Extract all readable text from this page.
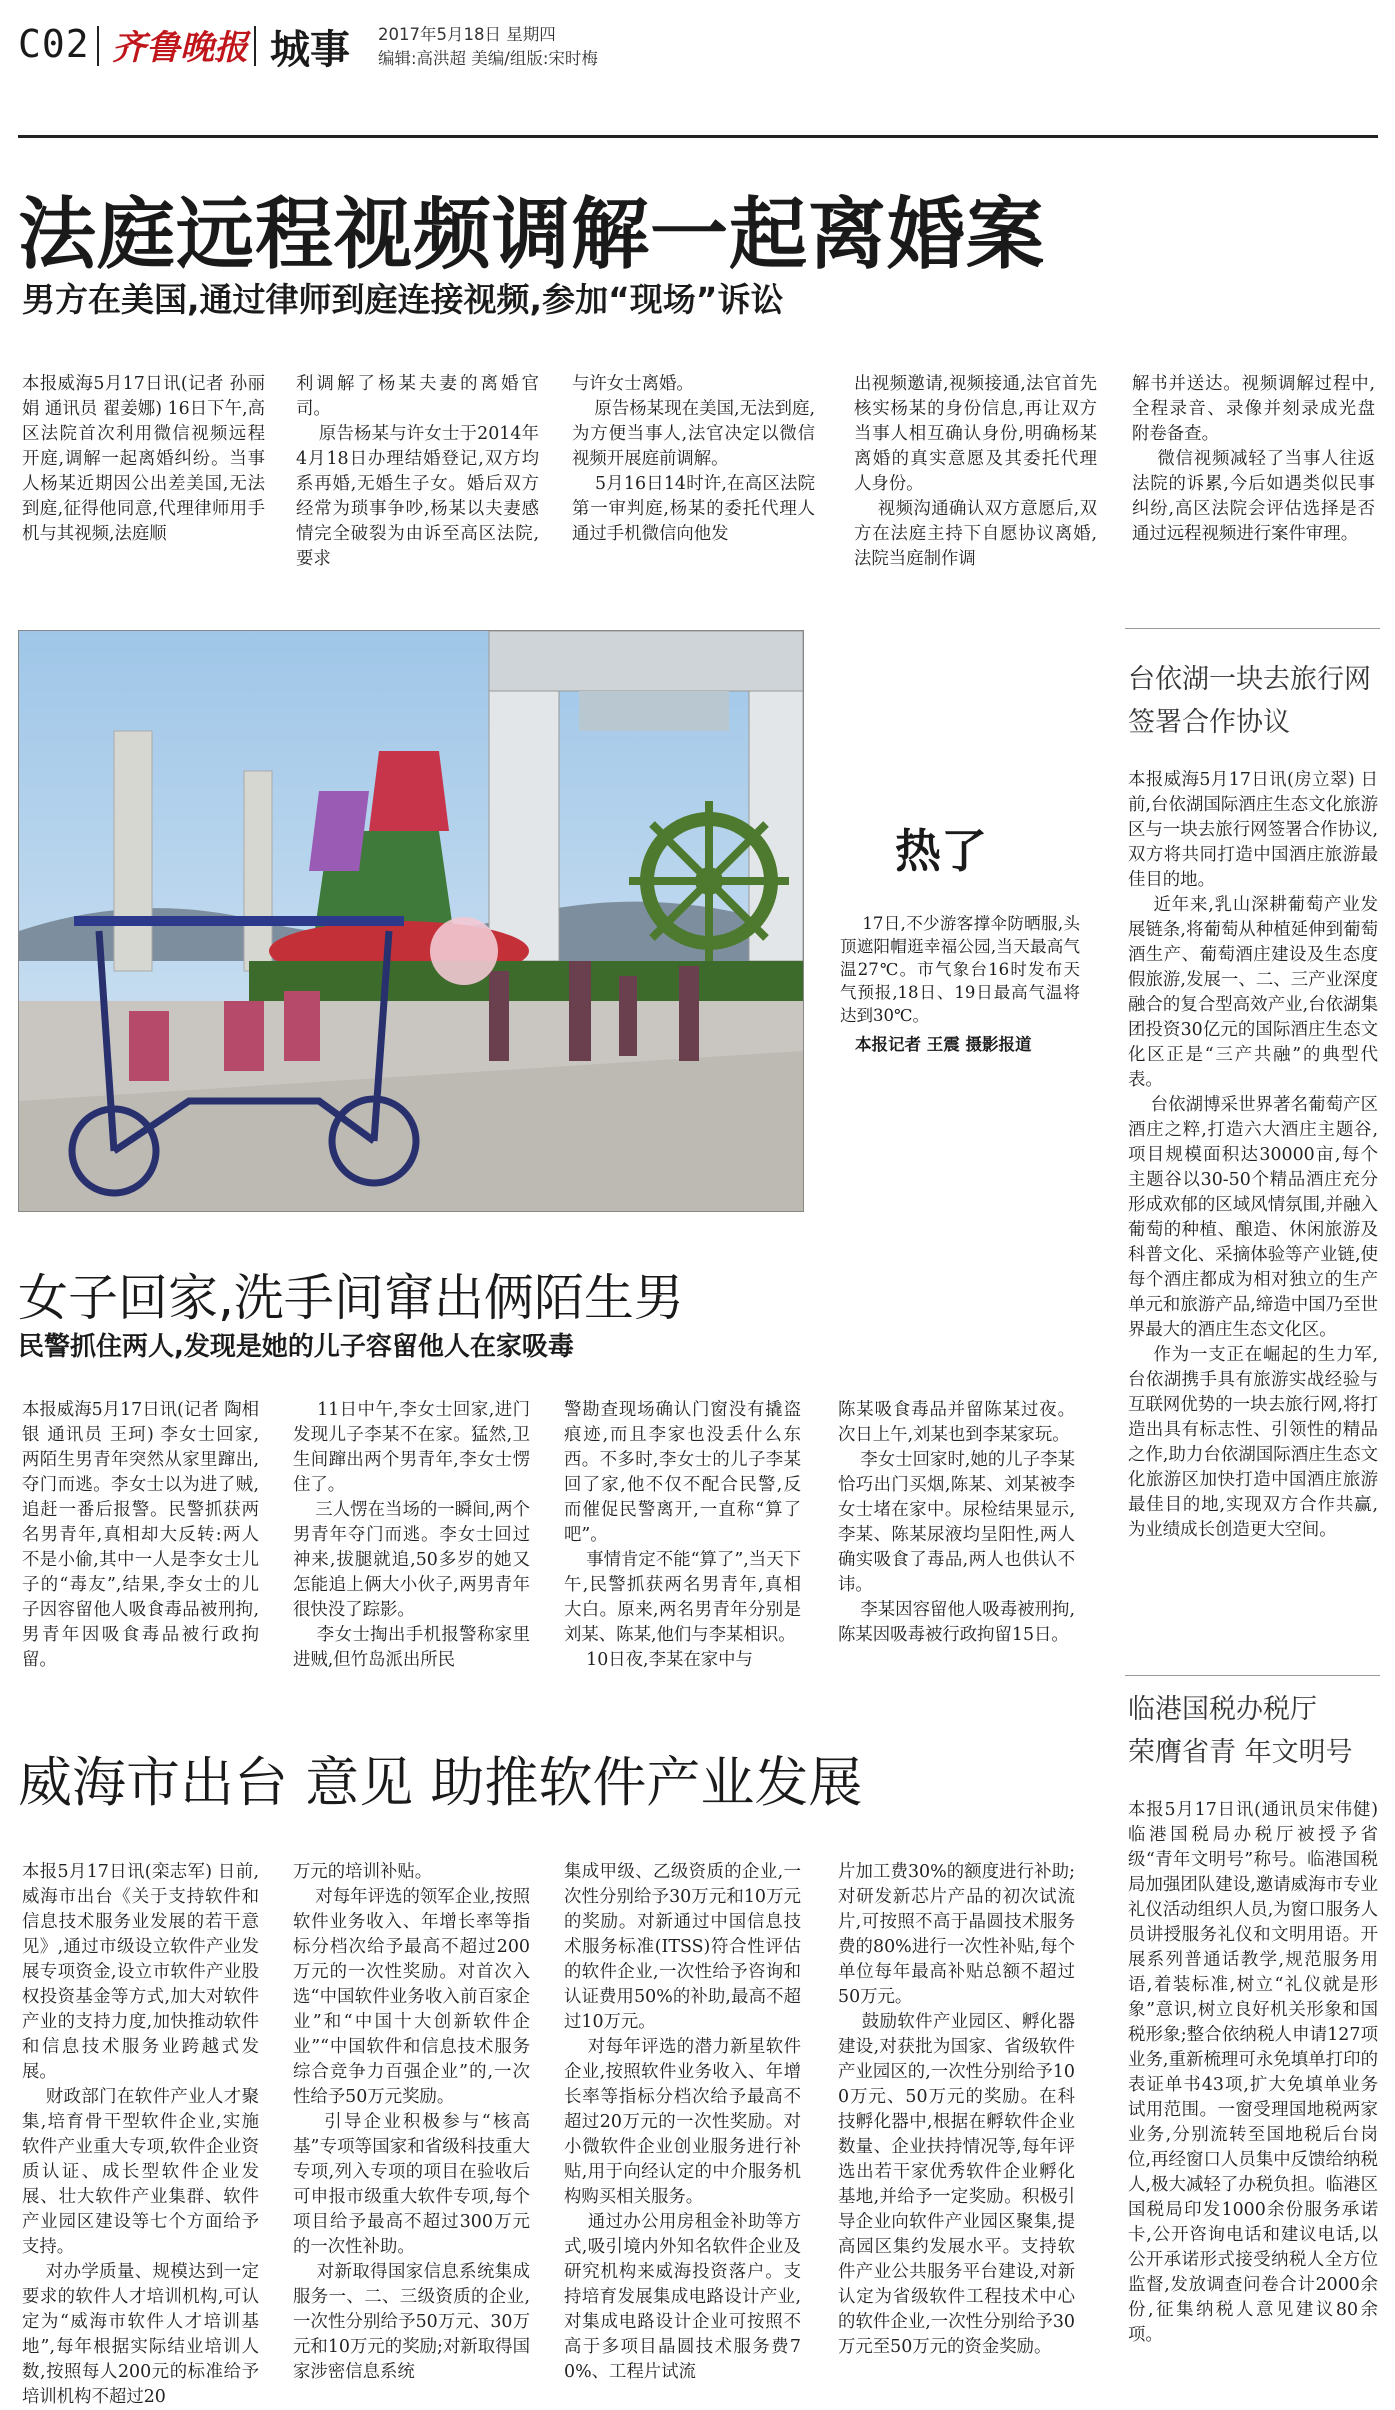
C02 齐鲁晚报 城事 2017年5月18日 星期四
编辑:高洪超 美编/组版:宋时梅
法庭远程视频调解一起离婚案
男方在美国,通过律师到庭连接视频,参加“现场”诉讼
本报威海5月17日讯(记者 孙丽娟 通讯员 翟姜娜) 16日下午,高区法院首次利用微信视频远程开庭,调解一起离婚纠纷。当事人杨某近期因公出差美国,无法到庭,征得他同意,代理律师用手机与其视频,法庭顺
利调解了杨某夫妻的离婚官司。
原告杨某与许女士于2014年4月18日办理结婚登记,双方均系再婚,无婚生子女。婚后双方经常为琐事争吵,杨某以夫妻感情完全破裂为由诉至高区法院,要求
与许女士离婚。
原告杨某现在美国,无法到庭,为方便当事人,法官决定以微信视频开展庭前调解。
5月16日14时许,在高区法院第一审判庭,杨某的委托代理人通过手机微信向他发
出视频邀请,视频接通,法官首先核实杨某的身份信息,再让双方当事人相互确认身份,明确杨某离婚的真实意愿及其委托代理人身份。
视频沟通确认双方意愿后,双方在法庭主持下自愿协议离婚,法院当庭制作调
解书并送达。视频调解过程中,全程录音、录像并刻录成光盘附卷备查。
微信视频减轻了当事人往返法院的诉累,今后如遇类似民事纠纷,高区法院会评估选择是否通过远程视频进行案件审理。
热了
17日,不少游客撑伞防晒服,头顶遮阳帽逛幸福公园,当天最高气温27℃。市气象台16时发布天气预报,18日、19日最高气温将达到30℃。
本报记者 王震 摄影报道
女子回家,洗手间窜出俩陌生男
民警抓住两人,发现是她的儿子容留他人在家吸毒
本报威海5月17日讯(记者 陶相银 通讯员 王珂) 李女士回家,两陌生男青年突然从家里蹿出,夺门而逃。李女士以为进了贼,追赶一番后报警。民警抓获两名男青年,真相却大反转:两人不是小偷,其中一人是李女士儿子的“毒友”,结果,李女士的儿子因容留他人吸食毒品被刑拘,男青年因吸食毒品被行政拘留。
11日中午,李女士回家,进门发现儿子李某不在家。猛然,卫生间蹿出两个男青年,李女士愣住了。
三人愣在当场的一瞬间,两个男青年夺门而逃。李女士回过神来,拔腿就追,50多岁的她又怎能追上俩大小伙子,两男青年很快没了踪影。
李女士掏出手机报警称家里进贼,但竹岛派出所民
警勘查现场确认门窗没有撬盗痕迹,而且李家也没丢什么东西。不多时,李女士的儿子李某回了家,他不仅不配合民警,反而催促民警离开,一直称“算了吧”。
事情肯定不能“算了”,当天下午,民警抓获两名男青年,真相大白。原来,两名男青年分别是刘某、陈某,他们与李某相识。
10日夜,李某在家中与
陈某吸食毒品并留陈某过夜。次日上午,刘某也到李某家玩。
李女士回家时,她的儿子李某恰巧出门买烟,陈某、刘某被李女士堵在家中。尿检结果显示,李某、陈某尿液均呈阳性,两人确实吸食了毒品,两人也供认不讳。
李某因容留他人吸毒被刑拘,陈某因吸毒被行政拘留15日。
威海市出台 意见 助推软件产业发展
本报5月17日讯(栾志军) 日前,威海市出台《关于支持软件和信息技术服务业发展的若干意见》,通过市级设立软件产业发展专项资金,设立市软件产业股权投资基金等方式,加大对软件产业的支持力度,加快推动软件和信息技术服务业跨越式发展。
财政部门在软件产业人才聚集,培育骨干型软件企业,实施软件产业重大专项,软件企业资质认证、成长型软件企业发展、壮大软件产业集群、软件产业园区建设等七个方面给予支持。
对办学质量、规模达到一定要求的软件人才培训机构,可认定为“威海市软件人才培训基地”,每年根据实际结业培训人数,按照每人200元的标准给予培训机构不超过20
万元的培训补贴。
对每年评选的领军企业,按照软件业务收入、年增长率等指标分档次给予最高不超过200万元的一次性奖励。对首次入选“中国软件业务收入前百家企业”和“中国十大创新软件企业”“中国软件和信息技术服务综合竞争力百强企业”的,一次性给予50万元奖励。
引导企业积极参与“核高基”专项等国家和省级科技重大专项,列入专项的项目在验收后可申报市级重大软件专项,每个项目给予最高不超过300万元的一次性补助。
对新取得国家信息系统集成服务一、二、三级资质的企业,一次性分别给予50万元、30万元和10万元的奖励;对新取得国家涉密信息系统
集成甲级、乙级资质的企业,一次性分别给予30万元和10万元的奖励。对新通过中国信息技术服务标准(ITSS)符合性评估的软件企业,一次性给予咨询和认证费用50%的补助,最高不超过10万元。
对每年评选的潜力新星软件企业,按照软件业务收入、年增长率等指标分档次给予最高不超过20万元的一次性奖励。对小微软件企业创业服务进行补贴,用于向经认定的中介服务机构购买相关服务。
通过办公用房租金补助等方式,吸引境内外知名软件企业及研究机构来威海投资落户。支持培育发展集成电路设计产业,对集成电路设计企业可按照不高于多项目晶圆技术服务费70%、工程片试流
片加工费30%的额度进行补助;对研发新芯片产品的初次试流片,可按照不高于晶圆技术服务费的80%进行一次性补贴,每个单位每年最高补贴总额不超过50万元。
鼓励软件产业园区、孵化器建设,对获批为国家、省级软件产业园区的,一次性分别给予100万元、50万元的奖励。在科技孵化器中,根据在孵软件企业数量、企业扶持情况等,每年评选出若干家优秀软件企业孵化基地,并给予一定奖励。积极引导企业向软件产业园区聚集,提高园区集约发展水平。支持软件产业公共服务平台建设,对新认定为省级软件工程技术中心的软件企业,一次性分别给予30万元至50万元的资金奖励。
台依湖一块去旅行网
签署合作协议
本报威海5月17日讯(房立翠) 日前,台依湖国际酒庄生态文化旅游区与一块去旅行网签署合作协议,双方将共同打造中国酒庄旅游最佳目的地。
近年来,乳山深耕葡萄产业发展链条,将葡萄从种植延伸到葡萄酒生产、葡萄酒庄建设及生态度假旅游,发展一、二、三产业深度融合的复合型高效产业,台依湖集团投资30亿元的国际酒庄生态文化区正是“三产共融”的典型代表。
台依湖博采世界著名葡萄产区酒庄之粹,打造六大酒庄主题谷,项目规模面积达30000亩,每个主题谷以30-50个精品酒庄充分形成欢郁的区域风情氛围,并融入葡萄的种植、酿造、休闲旅游及科普文化、采摘体验等产业链,使每个酒庄都成为相对独立的生产单元和旅游产品,缔造中国乃至世界最大的酒庄生态文化区。
作为一支正在崛起的生力军,台依湖携手具有旅游实战经验与互联网优势的一块去旅行网,将打造出具有标志性、引领性的精品之作,助力台依湖国际酒庄生态文化旅游区加快打造中国酒庄旅游最佳目的地,实现双方合作共赢,为业绩成长创造更大空间。
临港国税办税厅
荣膺省青 年文明号
本报5月17日讯(通讯员宋伟健) 临港国税局办税厅被授予省级“青年文明号”称号。临港国税局加强团队建设,邀请威海市专业礼仪活动组织人员,为窗口服务人员讲授服务礼仪和文明用语。开展系列普通话教学,规范服务用语,着装标准,树立“礼仪就是形象”意识,树立良好机关形象和国税形象;整合依纳税人申请127项业务,重新梳理可永免填单打印的表证单书43项,扩大免填单业务试用范围。一窗受理国地税两家业务,分别流转至国地税后台岗位,再经窗口人员集中反馈给纳税人,极大减轻了办税负担。临港区国税局印发1000余份服务承诺卡,公开咨询电话和建议电话,以公开承诺形式接受纳税人全方位监督,发放调查问卷合计2000余份,征集纳税人意见建议80余项。
